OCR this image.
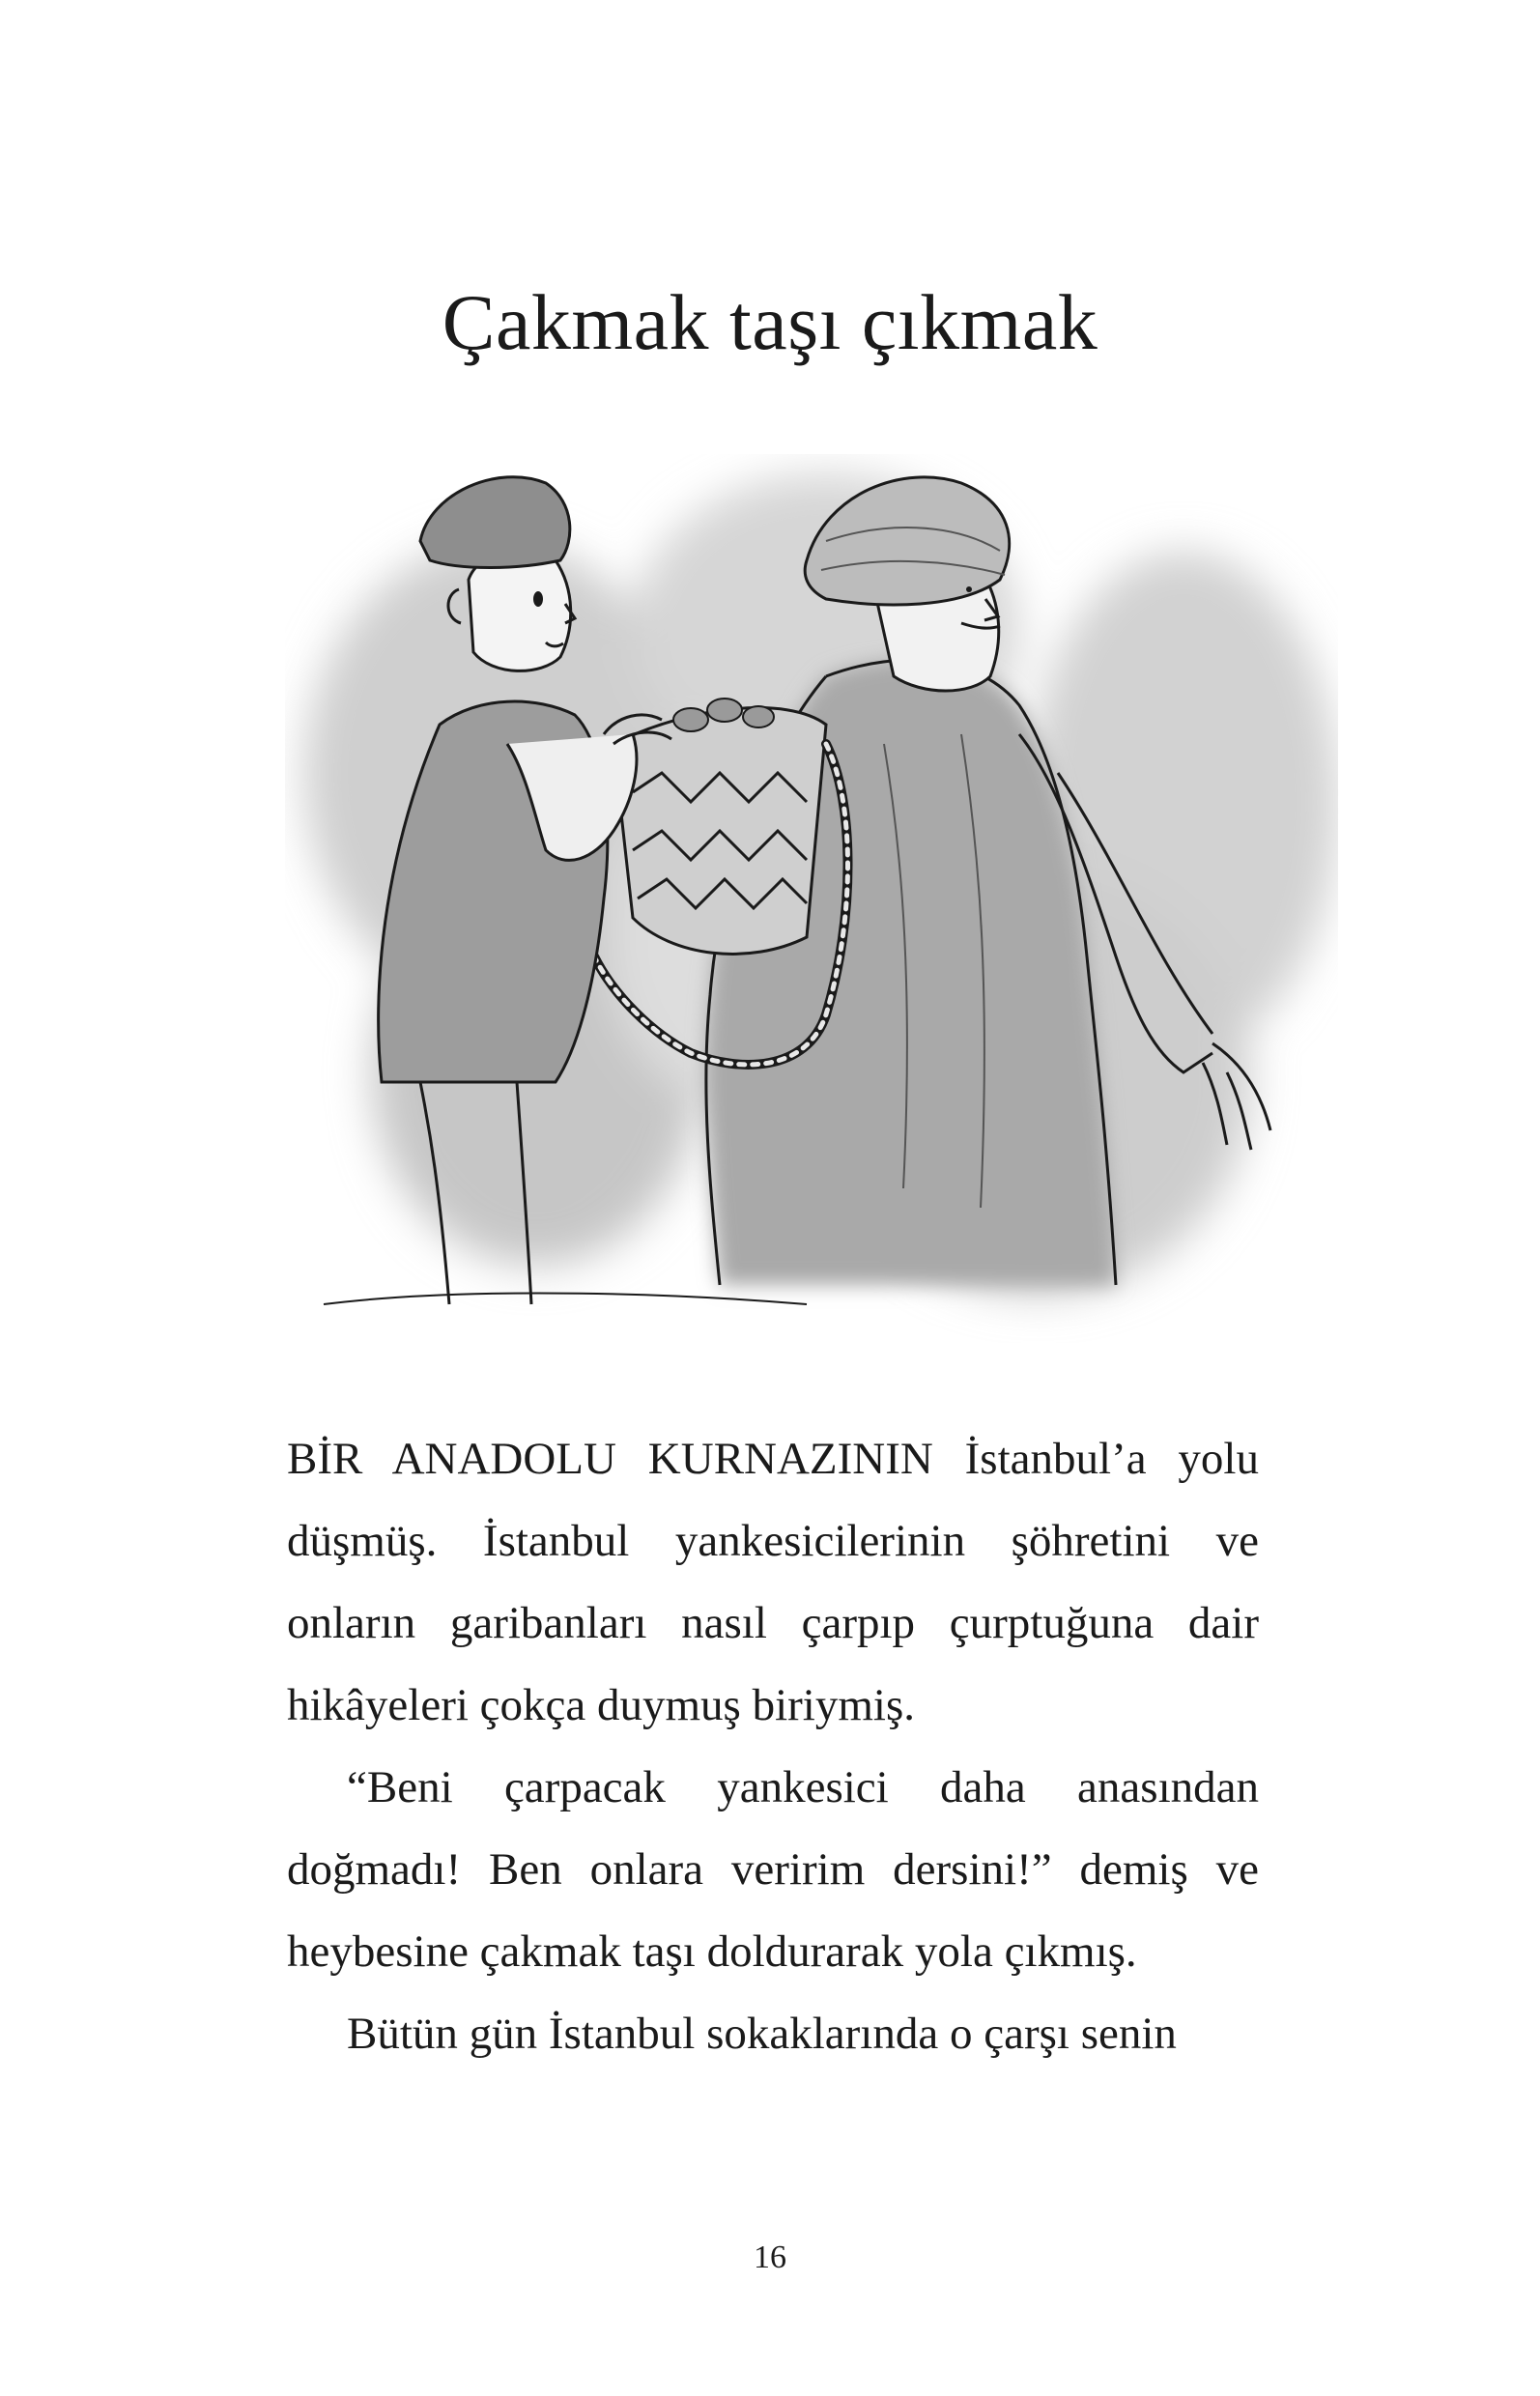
Çakmak taşı çıkmak

BİR ANADOLU KURNAZININ İstanbul’a yolu düşmüş. İstanbul yankesicilerinin şöhretini ve onların garibanları nasıl çarpıp çurptuğuna dair hikâyeleri çokça duymuş biriymiş.

“Beni çarpacak yankesici daha anasından doğmadı! Ben onlara veririm dersini!” demiş ve heybesine çakmak taşı doldurarak yola çıkmış.

Bütün gün İstanbul sokaklarında o çarşı senin

16
